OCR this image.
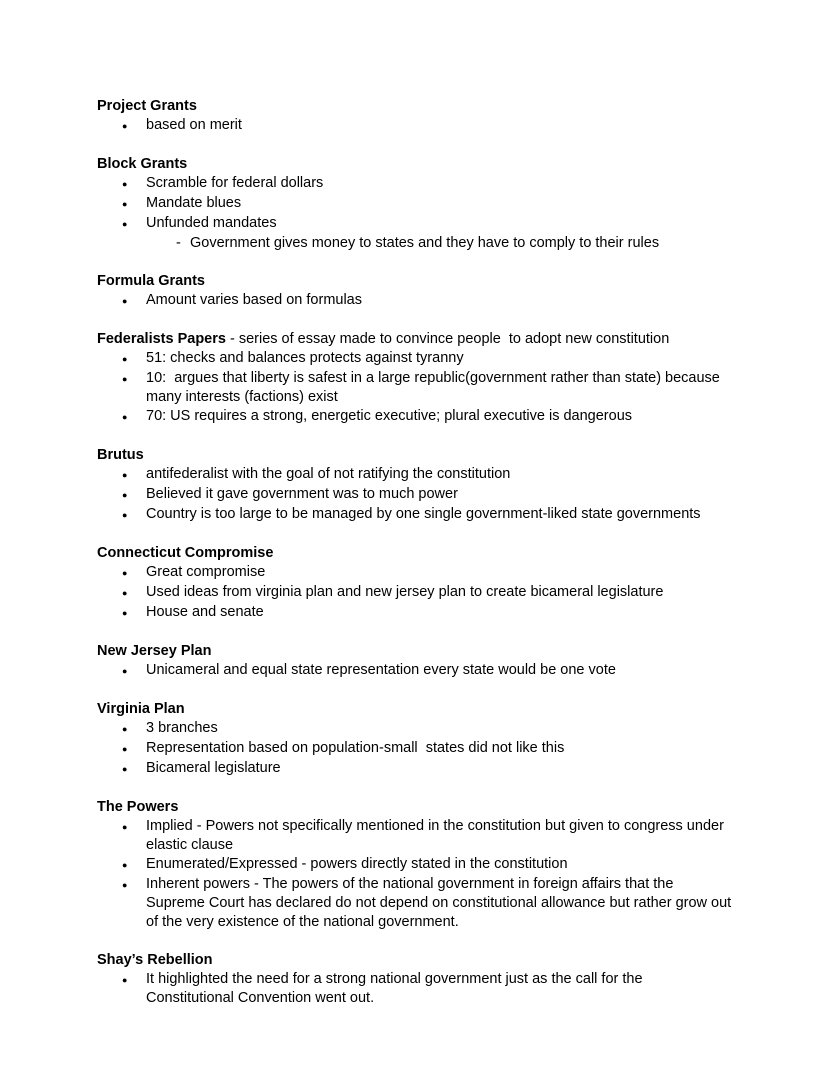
Project Grants
●	based on merit
Block Grants
●	Scramble for federal dollars
●	Mandate blues
●	Unfunded mandates
- Government gives money to states and they have to comply to their rules
Formula Grants
●	Amount varies based on formulas
Federalists Papers - series of essay made to convince people  to adopt new constitution
●	51: checks and balances protects against tyranny
●	10:  argues that liberty is safest in a large republic(government rather than state) because many interests (factions) exist
●	70: US requires a strong, energetic executive; plural executive is dangerous
Brutus
●	antifederalist with the goal of not ratifying the constitution
●	Believed it gave government was to much power
●	Country is too large to be managed by one single government-liked state governments
Connecticut Compromise
●	Great compromise
●	Used ideas from virginia plan and new jersey plan to create bicameral legislature
●	House and senate
New Jersey Plan
●	Unicameral and equal state representation every state would be one vote
Virginia Plan
●	3 branches
●	Representation based on population-small  states did not like this
●	Bicameral legislature
The Powers
●	Implied - Powers not specifically mentioned in the constitution but given to congress under elastic clause
●	Enumerated/Expressed - powers directly stated in the constitution
●	Inherent powers - The powers of the national government in foreign affairs that the Supreme Court has declared do not depend on constitutional allowance but rather grow out of the very existence of the national government.
Shay’s Rebellion
●	It highlighted the need for a strong national government just as the call for the Constitutional Convention went out.
